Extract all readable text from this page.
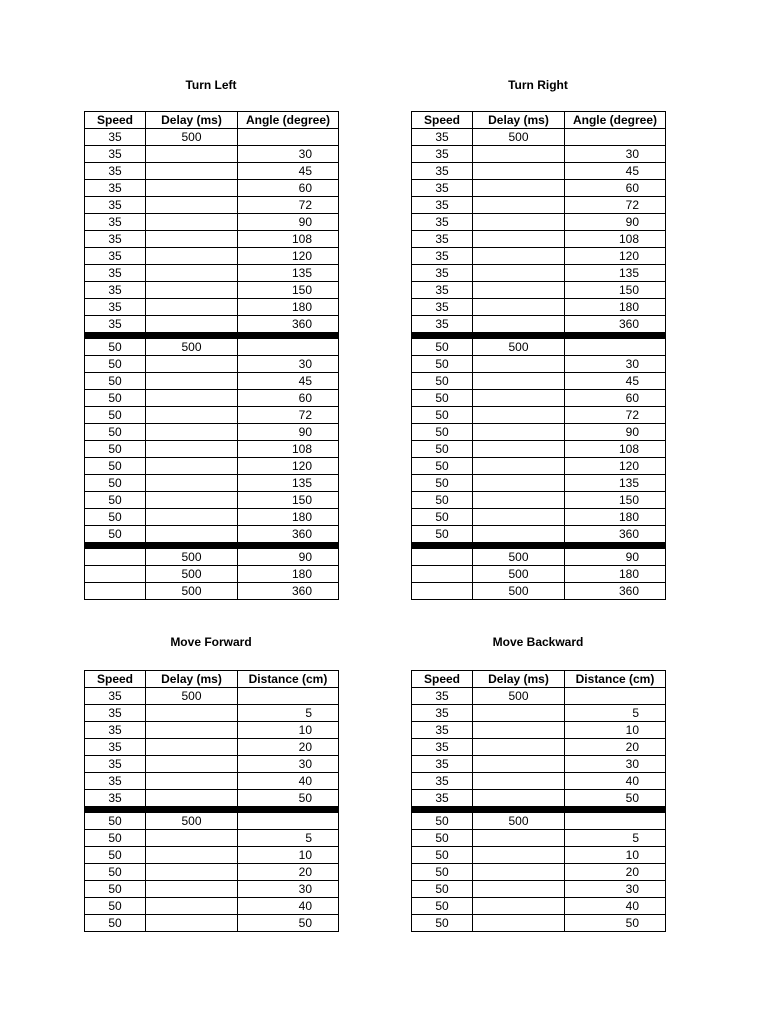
Turn Left
Speed	Delay (ms)	Angle (degree)
35	500	
35		30
35		45
35		60
35		72
35		90
35		108
35		120
35		135
35		150
35		180
35		360

50	500	
50		30
50		45
50		60
50		72
50		90
50		108
50		120
50		135
50		150
50		180
50		360

	500	90
	500	180
	500	360
Turn Right
Speed	Delay (ms)	Angle (degree)
35	500	
35		30
35		45
35		60
35		72
35		90
35		108
35		120
35		135
35		150
35		180
35		360

50	500	
50		30
50		45
50		60
50		72
50		90
50		108
50		120
50		135
50		150
50		180
50		360

	500	90
	500	180
	500	360
Move Forward
Speed	Delay (ms)	Distance (cm)
35	500	
35		5
35		10
35		20
35		30
35		40
35		50

50	500	
50		5
50		10
50		20
50		30
50		40
50		50
Move Backward
Speed	Delay (ms)	Distance (cm)
35	500	
35		5
35		10
35		20
35		30
35		40
35		50

50	500	
50		5
50		10
50		20
50		30
50		40
50		50
